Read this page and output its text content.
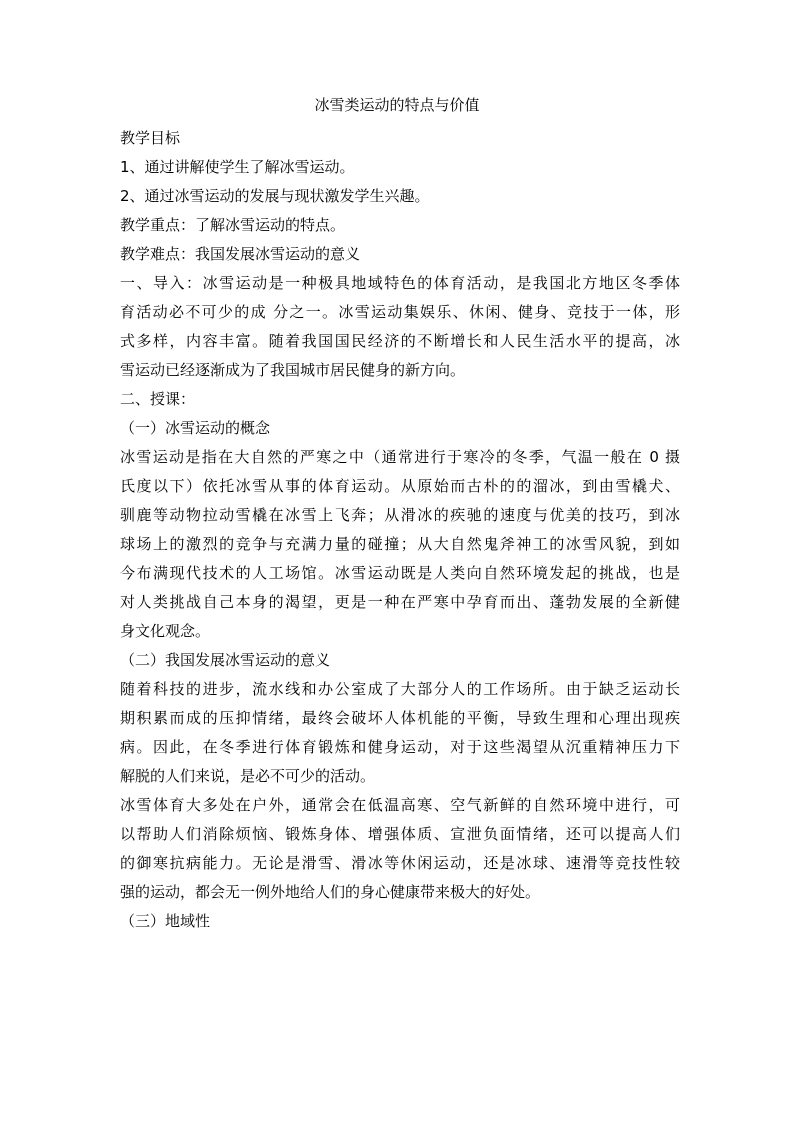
冰雪类运动的特点与价值
教学目标
1、通过讲解使学生了解冰雪运动。
2、通过冰雪运动的发展与现状激发学生兴趣。
教学重点：了解冰雪运动的特点。
教学难点：我国发展冰雪运动的意义
一、导入：冰雪运动是一种极具地域特色的体育活动，是我国北方地区冬季体
育活动必不可少的成 分之一。冰雪运动集娱乐、休闲、健身、竞技于一体，形
式多样，内容丰富。随着我国国民经济的不断增长和人民生活水平的提高，冰
雪运动已经逐渐成为了我国城市居民健身的新方向。
二、授课：
（一）冰雪运动的概念
冰雪运动是指在大自然的严寒之中（通常进行于寒冷的冬季，气温一般在 0 摄
氏度以下）依托冰雪从事的体育运动。从原始而古朴的的溜冰，到由雪橇犬、
驯鹿等动物拉动雪橇在冰雪上飞奔；从滑冰的疾驰的速度与优美的技巧，到冰
球场上的激烈的竞争与充满力量的碰撞；从大自然鬼斧神工的冰雪风貌，到如
今布满现代技术的人工场馆。冰雪运动既是人类向自然环境发起的挑战，也是
对人类挑战自己本身的渴望，更是一种在严寒中孕育而出、蓬勃发展的全新健
身文化观念。
（二）我国发展冰雪运动的意义
随着科技的进步，流水线和办公室成了大部分人的工作场所。由于缺乏运动长
期积累而成的压抑情绪，最终会破坏人体机能的平衡，导致生理和心理出现疾
病。因此，在冬季进行体育锻炼和健身运动，对于这些渴望从沉重精神压力下
解脱的人们来说，是必不可少的活动。
冰雪体育大多处在户外，通常会在低温高寒、空气新鲜的自然环境中进行，可
以帮助人们消除烦恼、锻炼身体、增强体质、宣泄负面情绪，还可以提高人们
的御寒抗病能力。无论是滑雪、滑冰等休闲运动，还是冰球、速滑等竞技性较
强的运动，都会无一例外地给人们的身心健康带来极大的好处。
（三）地域性
